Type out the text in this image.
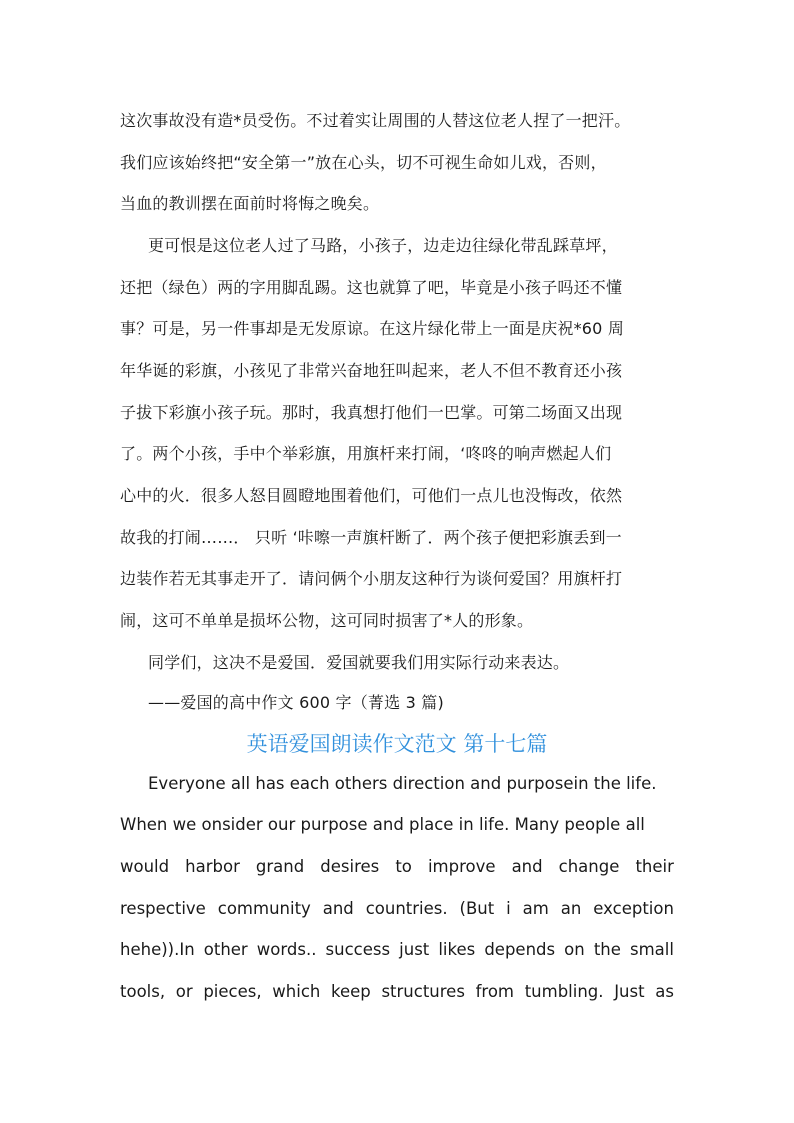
这次事故没有造*员受伤。不过着实让周围的人替这位老人捏了一把汗。
我们应该始终把“安全第一”放在心头，切不可视生命如儿戏，否则，
当血的教训摆在面前时将悔之晚矣。
更可恨是这位老人过了马路，小孩子，边走边往绿化带乱踩草坪，
还把（绿色）两的字用脚乱踢。这也就算了吧，毕竟是小孩子吗还不懂
事？可是，另一件事却是无发原谅。在这片绿化带上一面是庆祝*60 周
年华诞的彩旗，小孩见了非常兴奋地狂叫起来，老人不但不教育还小孩
子拔下彩旗小孩子玩。那时，我真想打他们一巴掌。可第二场面又出现
了。两个小孩，手中个举彩旗，用旗杆来打闹，‘咚咚的响声燃起人们
心中的火．很多人怒目圆瞪地围着他们，可他们一点儿也没悔改，依然
故我的打闹……． 只听 ‘咔嚓一声旗杆断了．两个孩子便把彩旗丢到一
边装作若无其事走开了．请问俩个小朋友这种行为谈何爱国？用旗杆打
闹，这可不单单是损坏公物，这可同时损害了*人的形象。
同学们，这决不是爱国．爱国就要我们用实际行动来表达。
——爱国的高中作文 600 字（菁选 3 篇)
英语爱国朗读作文范文 第十七篇
Everyone all has each others direction and purposein the life.
When we onsider our purpose and place in life. Many people all
would harbor grand desires to improve and change their
respective community and countries. (But i am an exception
hehe)).In other words.. success just likes depends on the small
tools, or pieces, which keep structures from tumbling. Just as
